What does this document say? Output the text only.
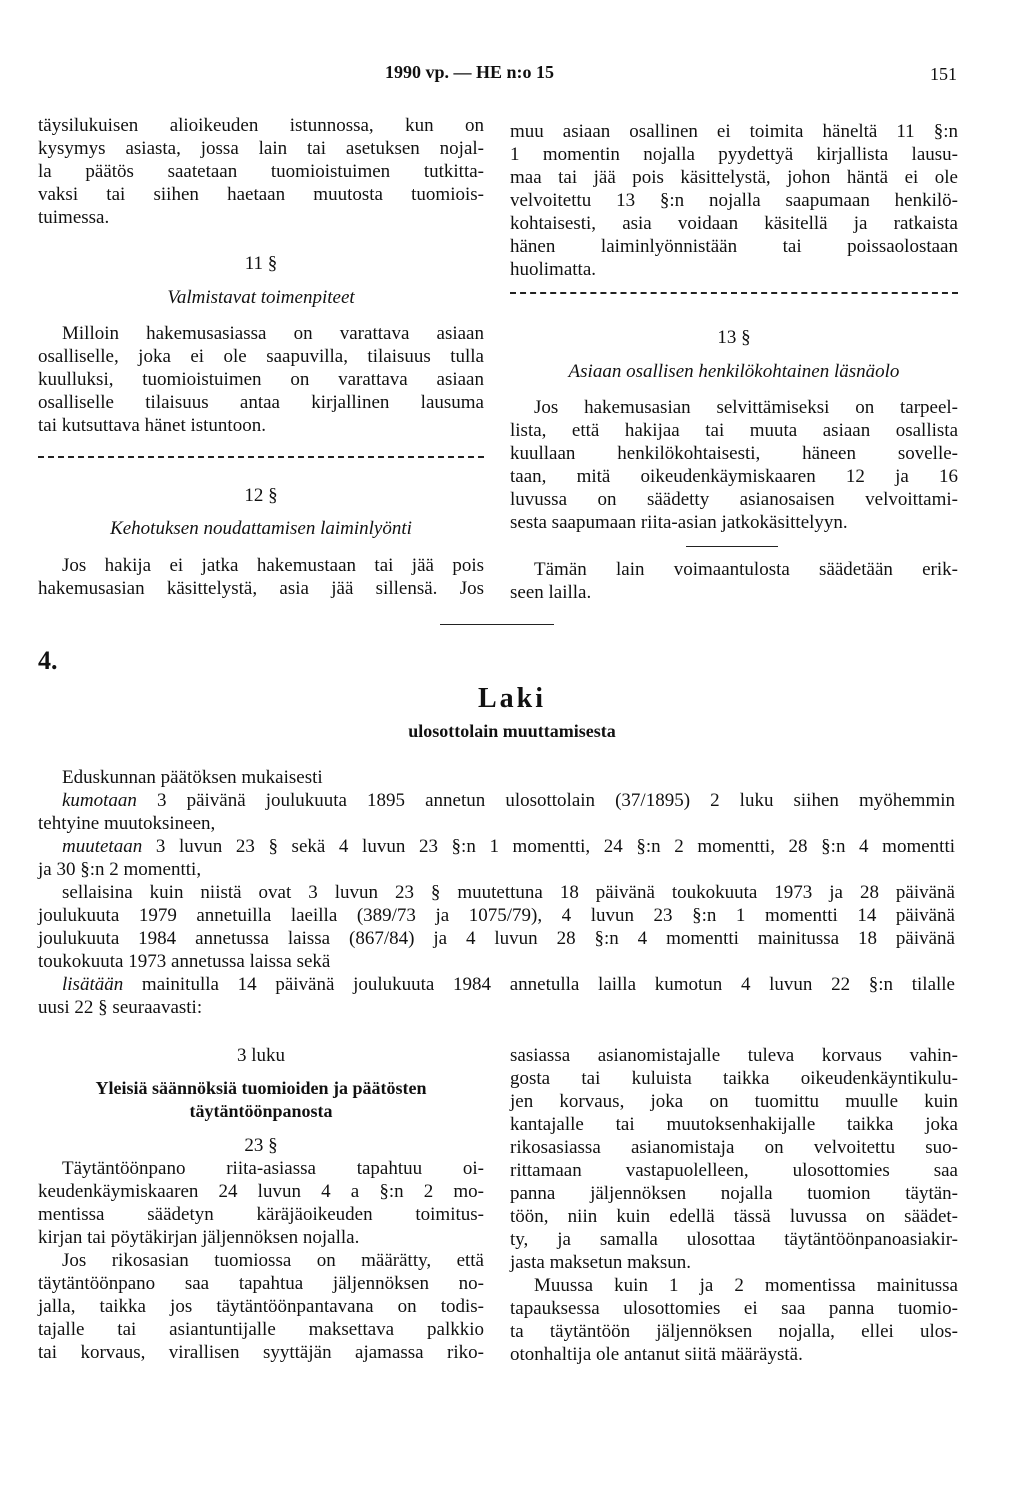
1990 vp. — HE n:o 15	151
täysilukuisen alioikeuden istunnossa, kun on
kysymys asiasta, jossa lain tai asetuksen nojal-
la päätös saatetaan tuomioistuimen tutkitta-
vaksi tai siihen haetaan muutosta tuomiois-
tuimessa.
11 §
Valmistavat toimenpiteet
Milloin hakemusasiassa on varattava asiaan
osalliselle, joka ei ole saapuvilla, tilaisuus tulla
kuulluksi, tuomioistuimen on varattava asiaan
osalliselle tilaisuus antaa kirjallinen lausuma
tai kutsuttava hänet istuntoon.
12 §
Kehotuksen noudattamisen laiminlyönti
Jos hakija ei jatka hakemustaan tai jää pois
hakemusasian käsittelystä, asia jää sillensä. Jos
muu asiaan osallinen ei toimita häneltä 11 §:n
1 momentin nojalla pyydettyä kirjallista lausu-
maa tai jää pois käsittelystä, johon häntä ei ole
velvoitettu 13 §:n nojalla saapumaan henkilö-
kohtaisesti, asia voidaan käsitellä ja ratkaista
hänen laiminlyönnistään tai poissaolostaan
huolimatta.
13 §
Asiaan osallisen henkilökohtainen läsnäolo
Jos hakemusasian selvittämiseksi on tarpeel-
lista, että hakijaa tai muuta asiaan osallista
kuullaan henkilökohtaisesti, häneen sovelle-
taan, mitä oikeudenkäymiskaaren 12 ja 16
luvussa on säädetty asianosaisen velvoittami-
sesta saapumaan riita-asian jatkokäsittelyyn.
Tämän lain voimaantulosta säädetään erik-
seen lailla.
4.
Laki
ulosottolain muuttamisesta
Eduskunnan päätöksen mukaisesti
kumotaan 3 päivänä joulukuuta 1895 annetun ulosottolain (37/1895) 2 luku siihen myöhemmin
tehtyine muutoksineen,
muutetaan 3 luvun 23 § sekä 4 luvun 23 §:n 1 momentti, 24 §:n 2 momentti, 28 §:n 4 momentti
ja 30 §:n 2 momentti,
sellaisina kuin niistä ovat 3 luvun 23 § muutettuna 18 päivänä toukokuuta 1973 ja 28 päivänä
joulukuuta 1979 annetuilla laeilla (389/73 ja 1075/79), 4 luvun 23 §:n 1 momentti 14 päivänä
joulukuuta 1984 annetussa laissa (867/84) ja 4 luvun 28 §:n 4 momentti mainitussa 18 päivänä
toukokuuta 1973 annetussa laissa sekä
lisätään mainitulla 14 päivänä joulukuuta 1984 annetulla lailla kumotun 4 luvun 22 §:n tilalle
uusi 22 § seuraavasti:
3 luku
Yleisiä säännöksiä tuomioiden ja päätösten
täytäntöönpanosta
23 §
Täytäntöönpano riita-asiassa tapahtuu oi-
keudenkäymiskaaren 24 luvun 4 a §:n 2 mo-
mentissa säädetyn käräjäoikeuden toimitus-
kirjan tai pöytäkirjan jäljennöksen nojalla.
Jos rikosasian tuomiossa on määrätty, että
täytäntöönpano saa tapahtua jäljennöksen no-
jalla, taikka jos täytäntöönpantavana on todis-
tajalle tai asiantuntijalle maksettava palkkio
tai korvaus, virallisen syyttäjän ajamassa riko-
sasiassa asianomistajalle tuleva korvaus vahin-
gosta tai kuluista taikka oikeudenkäyntikulu-
jen korvaus, joka on tuomittu muulle kuin
kantajalle tai muutoksenhakijalle taikka joka
rikosasiassa asianomistaja on velvoitettu suo-
rittamaan vastapuolelleen, ulosottomies saa
panna jäljennöksen nojalla tuomion täytän-
töön, niin kuin edellä tässä luvussa on säädet-
ty, ja samalla ulosottaa täytäntöönpanoasiakir-
jasta maksetun maksun.
Muussa kuin 1 ja 2 momentissa mainitussa
tapauksessa ulosottomies ei saa panna tuomio-
ta täytäntöön jäljennöksen nojalla, ellei ulos-
otonhaltija ole antanut siitä määräystä.
